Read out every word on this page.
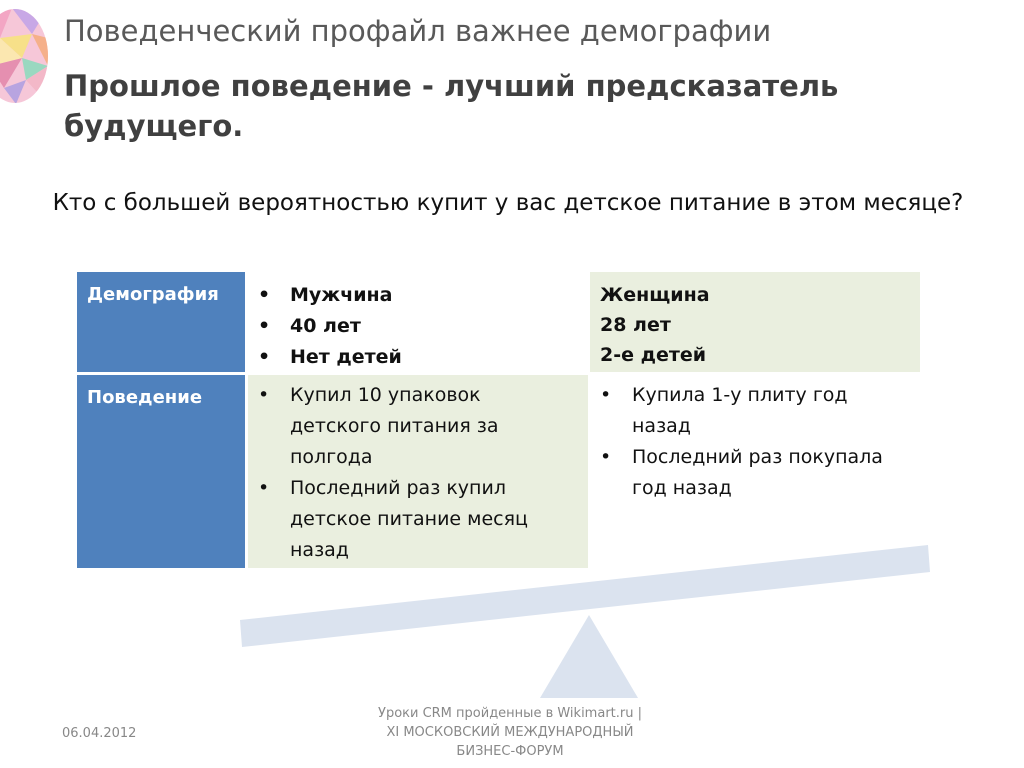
Поведенческий профайл важнее демографии
Прошлое поведение - лучший предсказатель будущего.
Кто с большей вероятностью купит у вас детское питание в этом месяце?
Демография	• Мужчина
• 40 лет
• Нет детей
Женщина
28 лет
2-е детей
Поведение	• Купил 10 упаковок детского питания за полгода
• Последний раз купил детское питание месяц назад
• Купила 1-у плиту год назад
• Последний раз покупала год назад
06.04.2012
Уроки CRM пройденные в Wikimart.ru |
XI МОСКОВСКИЙ МЕЖДУНАРОДНЫЙ
БИЗНЕС-ФОРУМ
